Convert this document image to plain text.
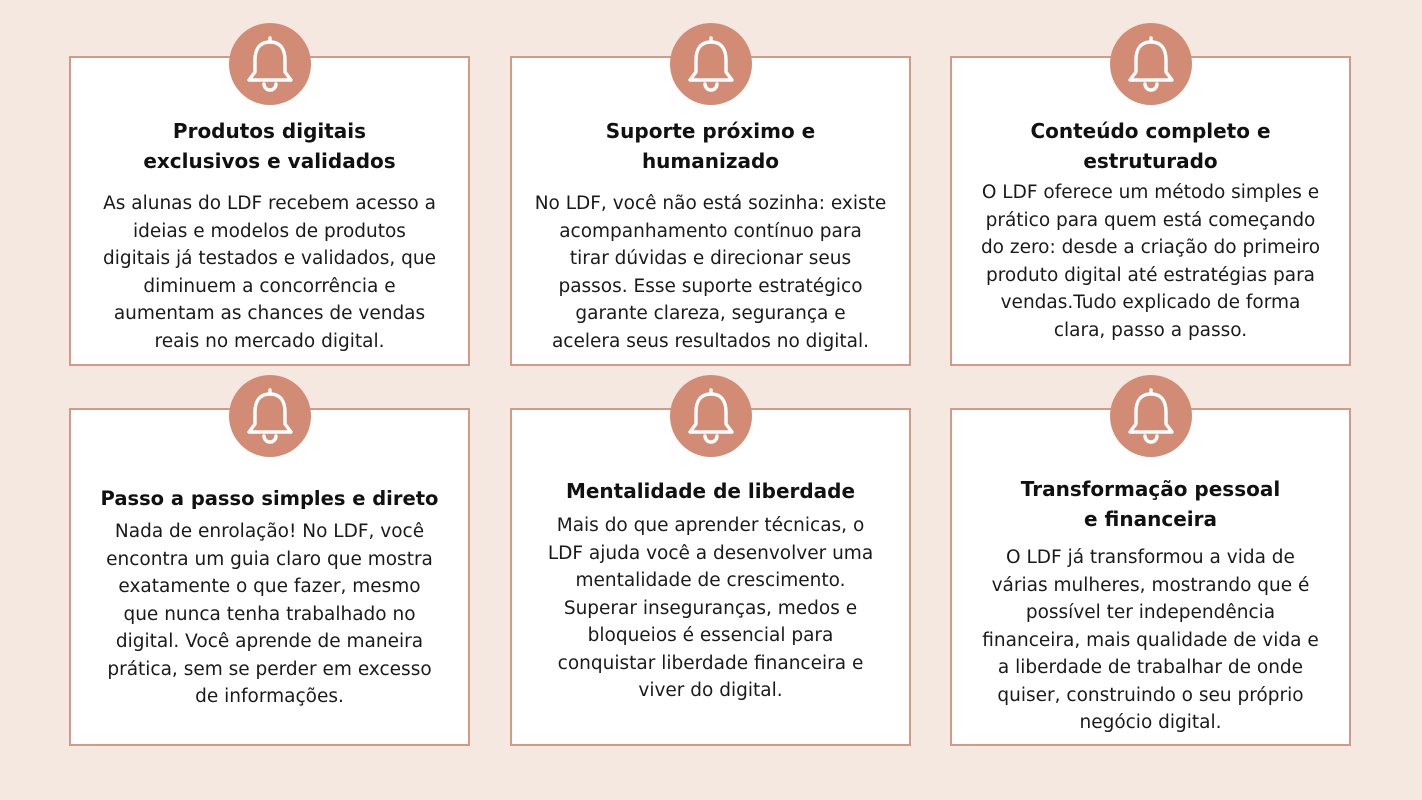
Produtos digitais
exclusivos e validados

As alunas do LDF recebem acesso a
ideias e modelos de produtos
digitais já testados e validados, que
diminuem a concorrência e
aumentam as chances de vendas
reais no mercado digital.

Suporte próximo e
humanizado

No LDF, você não está sozinha: existe
acompanhamento contínuo para
tirar dúvidas e direcionar seus
passos. Esse suporte estratégico
garante clareza, segurança e
acelera seus resultados no digital.

Conteúdo completo e
estruturado

O LDF oferece um método simples e
prático para quem está começando
do zero: desde a criação do primeiro
produto digital até estratégias para
vendas.Tudo explicado de forma
clara, passo a passo.

Passo a passo simples e direto

Nada de enrolação! No LDF, você
encontra um guia claro que mostra
exatamente o que fazer, mesmo
que nunca tenha trabalhado no
digital. Você aprende de maneira
prática, sem se perder em excesso
de informações.

Mentalidade de liberdade

Mais do que aprender técnicas, o
LDF ajuda você a desenvolver uma
mentalidade de crescimento.
Superar inseguranças, medos e
bloqueios é essencial para
conquistar liberdade financeira e
viver do digital.

Transformação pessoal
e financeira

O LDF já transformou a vida de
várias mulheres, mostrando que é
possível ter independência
financeira, mais qualidade de vida e
a liberdade de trabalhar de onde
quiser, construindo o seu próprio
negócio digital.
